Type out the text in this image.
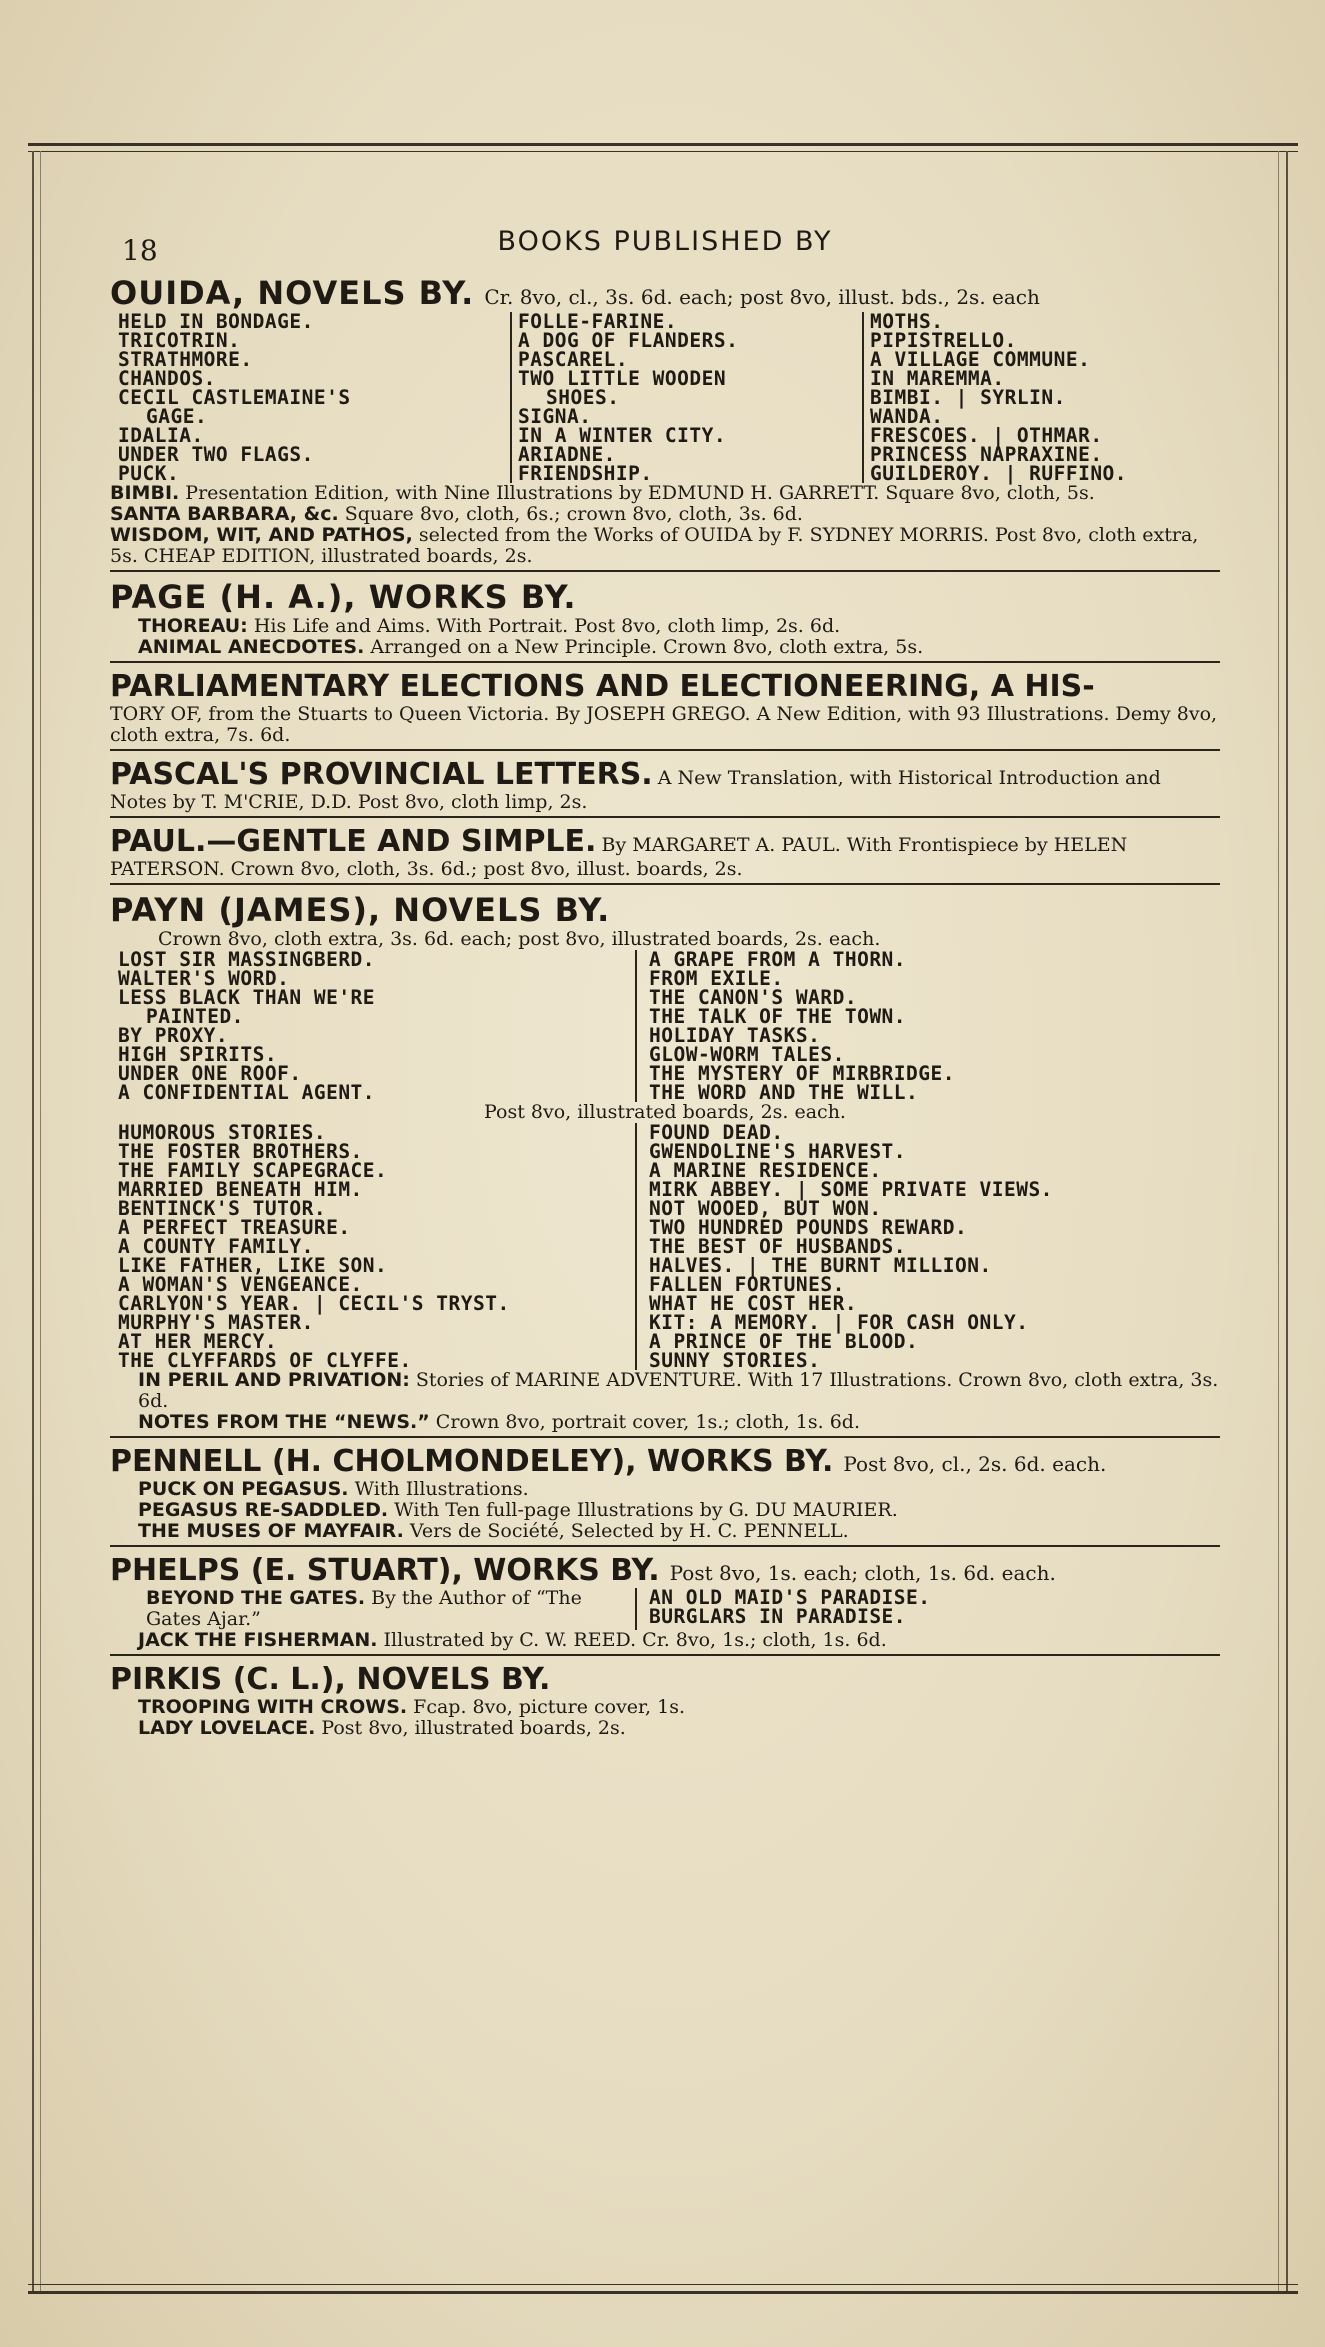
18	BOOKS PUBLISHED BY
OUIDA, NOVELS BY. Cr. 8vo, cl., 3s. 6d. each; post 8vo, illust. bds., 2s. each
HELD IN BONDAGE.
TRICOTRIN.
STRATHMORE.
CHANDOS.
CECIL CASTLEMAINE'S
GAGE.
IDALIA.
UNDER TWO FLAGS.
PUCK.
FOLLE-FARINE.
A DOG OF FLANDERS.
PASCAREL.
TWO LITTLE WOODEN
SHOES.
SIGNA.
IN A WINTER CITY.
ARIADNE.
FRIENDSHIP.
MOTHS.
PIPISTRELLO.
A VILLAGE COMMUNE.
IN MAREMMA.
BIMBI. | SYRLIN.
WANDA.
FRESCOES. | OTHMAR.
PRINCESS NAPRAXINE.
GUILDEROY. | RUFFINO.
BIMBI. Presentation Edition, with Nine Illustrations by EDMUND H. GARRETT. Square 8vo, cloth, 5s.
SANTA BARBARA, &c. Square 8vo, cloth, 6s.; crown 8vo, cloth, 3s. 6d.
WISDOM, WIT, AND PATHOS, selected from the Works of OUIDA by F. SYDNEY MORRIS. Post 8vo, cloth extra, 5s. CHEAP EDITION, illustrated boards, 2s.
PAGE (H. A.), WORKS BY.
THOREAU: His Life and Aims. With Portrait. Post 8vo, cloth limp, 2s. 6d.
ANIMAL ANECDOTES. Arranged on a New Principle. Crown 8vo, cloth extra, 5s.
PARLIAMENTARY ELECTIONS AND ELECTIONEERING, A HIS-
TORY OF, from the Stuarts to Queen Victoria. By JOSEPH GREGO. A New Edition, with 93 Illustrations. Demy 8vo, cloth extra, 7s. 6d.
PASCAL'S PROVINCIAL LETTERS. A New Translation, with Historical Introduction and Notes by T. M'CRIE, D.D. Post 8vo, cloth limp, 2s.
PAUL.—GENTLE AND SIMPLE. By MARGARET A. PAUL. With Frontispiece by HELEN PATERSON. Crown 8vo, cloth, 3s. 6d.; post 8vo, illust. boards, 2s.
PAYN (JAMES), NOVELS BY.
Crown 8vo, cloth extra, 3s. 6d. each; post 8vo, illustrated boards, 2s. each.
LOST SIR MASSINGBERD.
WALTER'S WORD.
LESS BLACK THAN WE'RE
PAINTED.
BY PROXY.
HIGH SPIRITS.
UNDER ONE ROOF.
A CONFIDENTIAL AGENT.
A GRAPE FROM A THORN.
FROM EXILE.
THE CANON'S WARD.
THE TALK OF THE TOWN.
HOLIDAY TASKS.
GLOW-WORM TALES.
THE MYSTERY OF MIRBRIDGE.
THE WORD AND THE WILL.
Post 8vo, illustrated boards, 2s. each.
HUMOROUS STORIES.
THE FOSTER BROTHERS.
THE FAMILY SCAPEGRACE.
MARRIED BENEATH HIM.
BENTINCK'S TUTOR.
A PERFECT TREASURE.
A COUNTY FAMILY.
LIKE FATHER, LIKE SON.
A WOMAN'S VENGEANCE.
CARLYON'S YEAR. | CECIL'S TRYST.
MURPHY'S MASTER.
AT HER MERCY.
THE CLYFFARDS OF CLYFFE.
FOUND DEAD.
GWENDOLINE'S HARVEST.
A MARINE RESIDENCE.
MIRK ABBEY. | SOME PRIVATE VIEWS.
NOT WOOED, BUT WON.
TWO HUNDRED POUNDS REWARD.
THE BEST OF HUSBANDS.
HALVES. | THE BURNT MILLION.
FALLEN FORTUNES.
WHAT HE COST HER.
KIT: A MEMORY. | FOR CASH ONLY.
A PRINCE OF THE BLOOD.
SUNNY STORIES.
IN PERIL AND PRIVATION: Stories of MARINE ADVENTURE. With 17 Illustrations. Crown 8vo, cloth extra, 3s. 6d.
NOTES FROM THE “NEWS.” Crown 8vo, portrait cover, 1s.; cloth, 1s. 6d.
PENNELL (H. CHOLMONDELEY), WORKS BY. Post 8vo, cl., 2s. 6d. each.
PUCK ON PEGASUS. With Illustrations.
PEGASUS RE-SADDLED. With Ten full-page Illustrations by G. DU MAURIER.
THE MUSES OF MAYFAIR. Vers de Société, Selected by H. C. PENNELL.
PHELPS (E. STUART), WORKS BY. Post 8vo, 1s. each; cloth, 1s. 6d. each.
BEYOND THE GATES. By the Author of “The Gates Ajar.”
AN OLD MAID'S PARADISE.
BURGLARS IN PARADISE.
JACK THE FISHERMAN. Illustrated by C. W. REED. Cr. 8vo, 1s.; cloth, 1s. 6d.
PIRKIS (C. L.), NOVELS BY.
TROOPING WITH CROWS. Fcap. 8vo, picture cover, 1s.
LADY LOVELACE. Post 8vo, illustrated boards, 2s.
